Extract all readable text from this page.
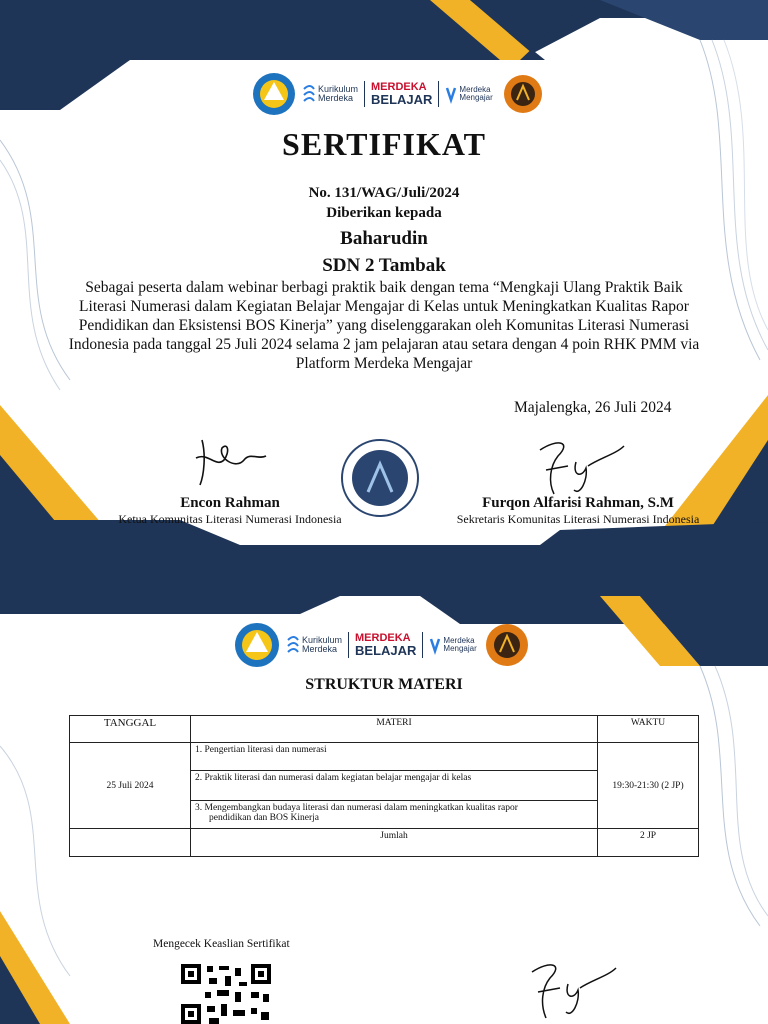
Kurikulum
Merdeka
MERDEKA
BELAJAR
Merdeka
Mengajar
SERTIFIKAT
No. 131/WAG/Juli/2024
Diberikan kepada
Baharudin
SDN 2 Tambak
Sebagai peserta dalam webinar berbagi praktik baik dengan tema “Mengkaji Ulang Praktik Baik
Literasi Numerasi dalam Kegiatan Belajar Mengajar di Kelas untuk Meningkatkan Kualitas Rapor
Pendidikan dan Eksistensi BOS Kinerja” yang diselenggarakan oleh Komunitas Literasi Numerasi
Indonesia pada tanggal 25 Juli 2024 selama 2 jam pelajaran atau setara dengan 4 poin RHK PMM via
Platform Merdeka Mengajar
Majalengka, 26 Juli 2024
Encon Rahman
Ketua Komunitas Literasi Numerasi Indonesia
Furqon Alfarisi Rahman, S.M
Sekretaris Komunitas Literasi Numerasi Indonesia
Kurikulum
Merdeka
MERDEKA
BELAJAR
Merdeka
Mengajar
STRUKTUR MATERI
TANGGAL	MATERI	WAKTU
25 Juli 2024	1. Pengertian literasi dan numerasi	19:30-21:30 (2 JP)
	2. Praktik literasi dan numerasi dalam kegiatan belajar mengajar di kelas	

	3. Mengembangkan budaya literasi dan numerasi dalam meningkatkan kualitas rapor
pendidikan dan BOS Kinerja	

	Jumlah	2 JP
Mengecek Keaslian Sertifikat
